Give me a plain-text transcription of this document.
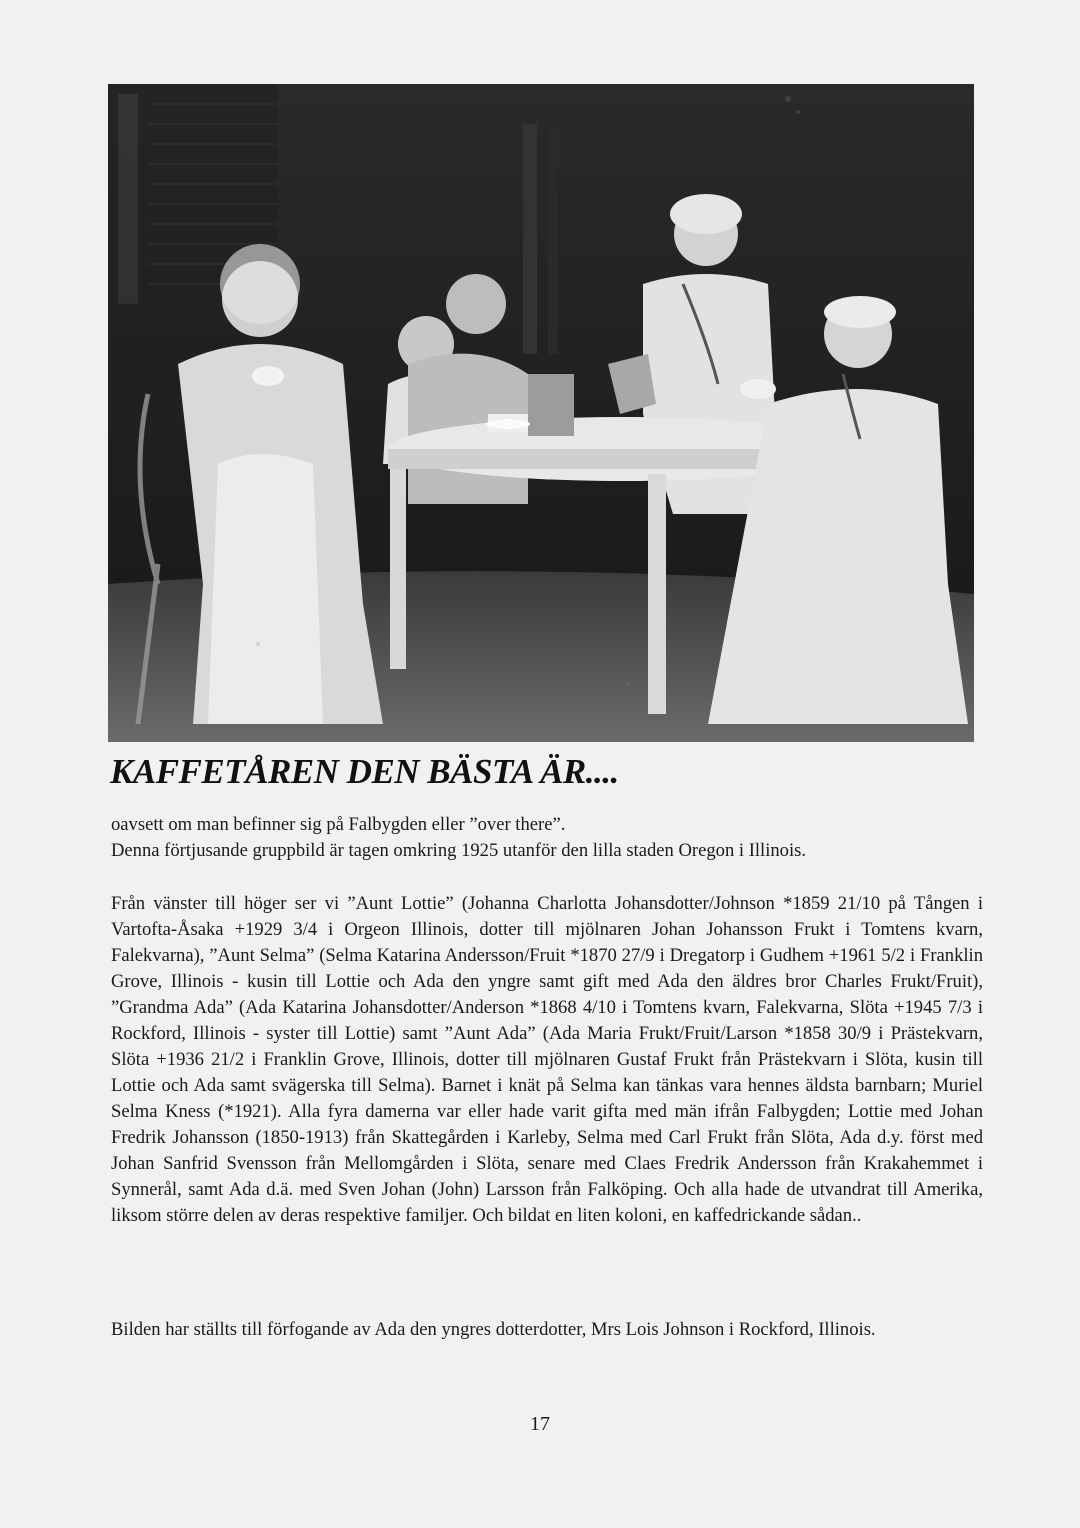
KAFFETÅREN DEN BÄSTA ÄR....

oavsett om man befinner sig på Falbygden eller ”over there”.

Denna förtjusande gruppbild är tagen omkring 1925 utanför den lilla staden Oregon i Illinois.

Från vänster till höger ser vi ”Aunt Lottie” (Johanna Charlotta Johansdotter/Johnson *1859 21/10 på Tången i Vartofta-Åsaka +1929 3/4 i Orgeon Illinois, dotter till mjölnaren Johan Johansson Frukt i Tomtens kvarn, Falekvarna), ”Aunt Selma” (Selma Katarina Andersson/Fruit *1870 27/9 i Dregatorp i Gudhem +1961 5/2 i Franklin Grove, Illinois - kusin till Lottie och Ada den yngre samt gift med Ada den äldres bror Charles Frukt/Fruit), ”Grandma Ada” (Ada Katarina Johansdotter/Anderson *1868 4/10 i Tomtens kvarn, Falekvarna, Slöta +1945 7/3 i Rockford, Illinois - syster till Lottie) samt ”Aunt Ada” (Ada Maria Frukt/Fruit/Larson *1858 30/9 i Prästekvarn, Slöta +1936 21/2 i Franklin Grove, Illinois, dotter till mjölnaren Gustaf Frukt från Prästekvarn i Slöta, kusin till Lottie och Ada samt svägerska till Selma). Barnet i knät på Selma kan tänkas vara hennes äldsta barnbarn; Muriel Selma Kness (*1921). Alla fyra damerna var eller hade varit gifta med män ifrån Falbygden; Lottie med Johan Fredrik Johansson (1850-1913) från Skattegården i Karleby, Selma med Carl Frukt från Slöta, Ada d.y. först med Johan Sanfrid Svensson från Mellomgården i Slöta, senare med Claes Fredrik Andersson från Krakahemmet i Synnerål, samt Ada d.ä. med Sven Johan (John) Larsson från Falköping. Och alla hade de utvandrat till Amerika, liksom större delen av deras respektive familjer. Och bildat en liten koloni, en kaffedrickande sådan..

Bilden har ställts till förfogande av Ada den yngres dotterdotter, Mrs Lois Johnson i Rockford, Illinois.

17
